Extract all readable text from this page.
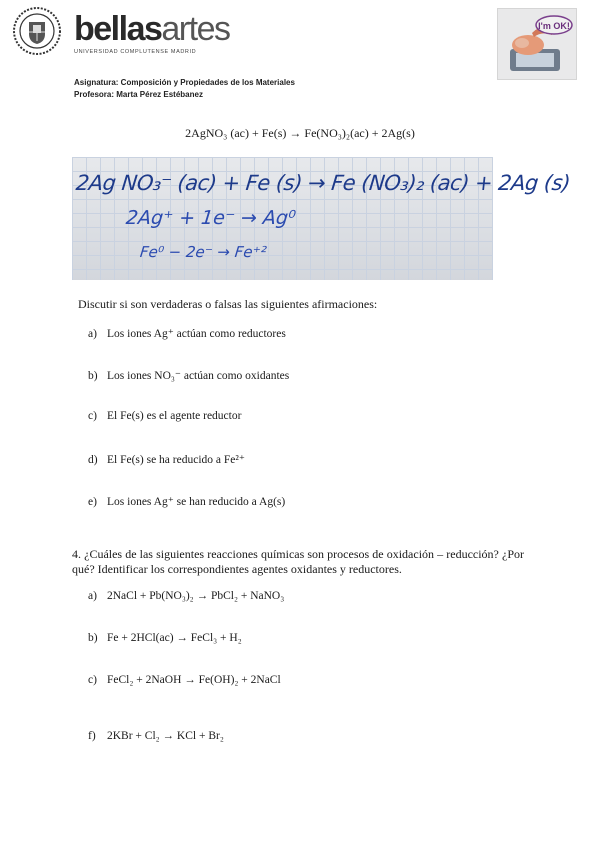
bellasartes
UNIVERSIDAD COMPLUTENSE MADRID
I'm OK!
Asignatura: Composición y Propiedades de los Materiales
Profesora: Marta Pérez Estébanez
2AgNO₃ (ac) + Fe(s) → Fe(NO₃)₂(ac) + 2Ag(s)
2Ag NO₃⁻ (ac) + Fe (s) → Fe (NO₃)₂ (ac) + 2Ag (s)
2Ag⁺ + 1e⁻ → Ag⁰
Fe⁰ − 2e⁻ → Fe⁺²
Discutir si son verdaderas o falsas las siguientes afirmaciones:
a) Los iones Ag⁺ actúan como reductores
b) Los iones NO₃⁻ actúan como oxidantes
c) El Fe(s) es el agente reductor
d) El Fe(s) se ha reducido a Fe²⁺
e) Los iones Ag⁺ se han reducido a Ag(s)
4. ¿Cuáles de las siguientes reacciones químicas son procesos de oxidación – reducción? ¿Por qué? Identificar los correspondientes agentes oxidantes y reductores.
a) 2NaCl + Pb(NO₃)₂ → PbCl₂ + NaNO₃
b) Fe + 2HCl(ac) → FeCl₃ + H₂
c) FeCl₂ + 2NaOH → Fe(OH)₂ + 2NaCl
f) 2KBr + Cl₂ → KCl + Br₂
